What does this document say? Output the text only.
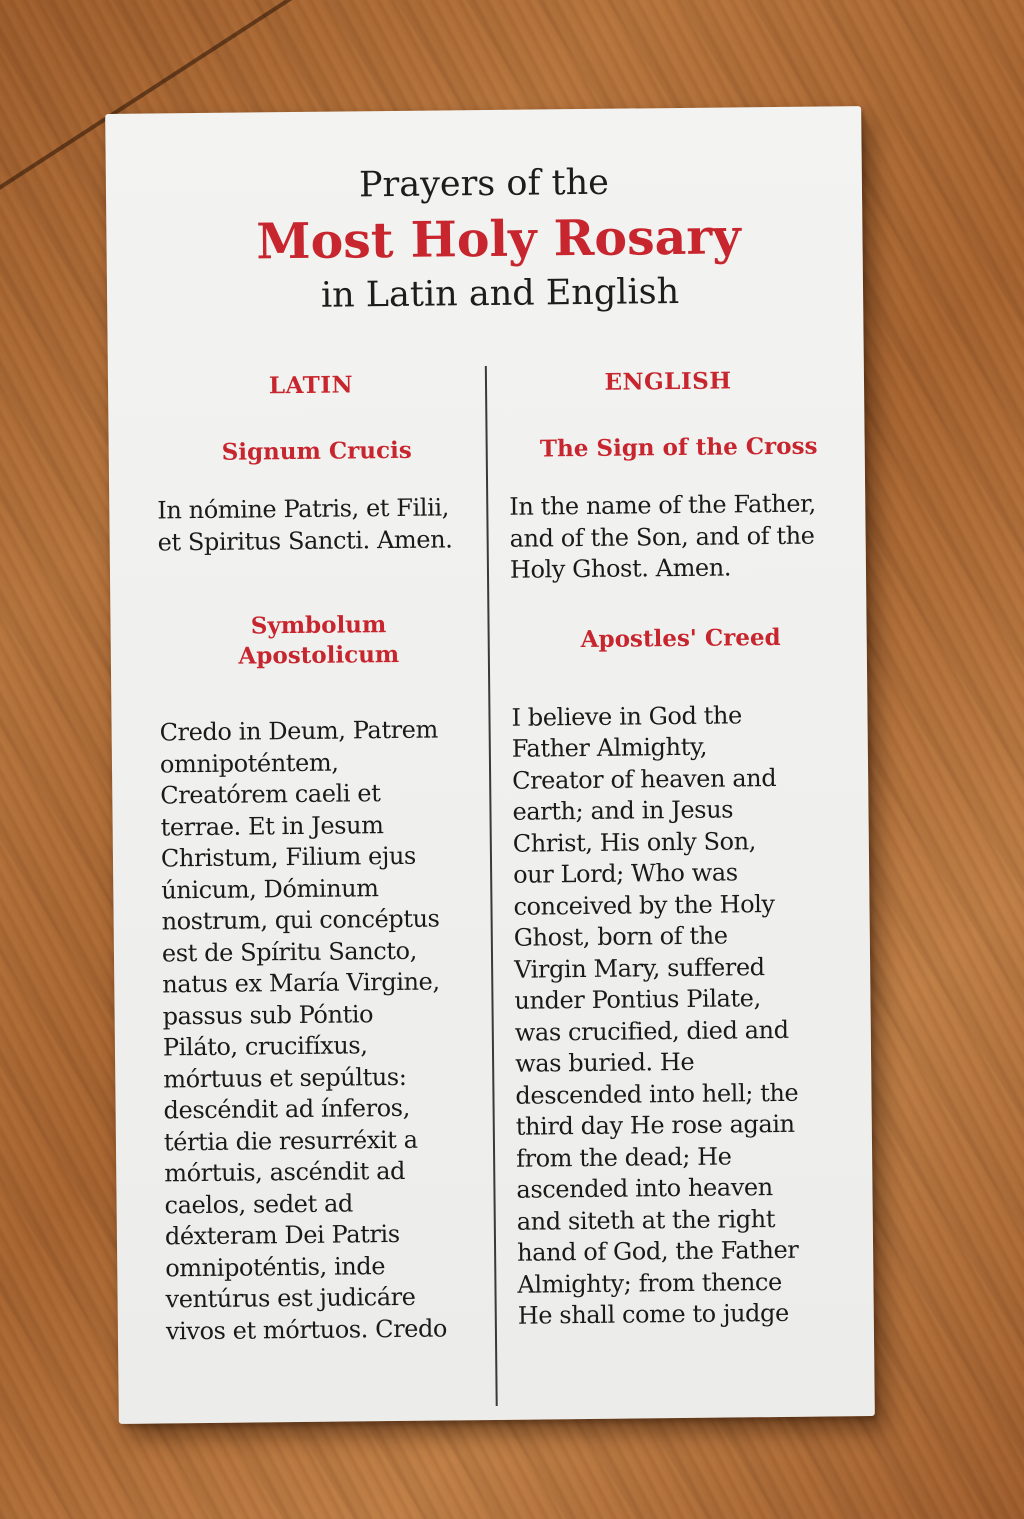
Prayers of the
Most Holy Rosary
in Latin and English
LATIN
Signum Crucis
In nómine Patris, et Filii,
et Spiritus Sancti. Amen.
Symbolum
Apostolicum
Credo in Deum, Patrem
omnipoténtem,
Creatórem caeli et
terrae. Et in Jesum
Christum, Filium ejus
únicum, Dóminum
nostrum, qui concéptus
est de Spíritu Sancto,
natus ex María Virgine,
passus sub Póntio
Piláto, crucifíxus,
mórtuus et sepúltus:
descéndit ad ínferos,
tértia die resurréxit a
mórtuis, ascéndit ad
caelos, sedet ad
déxteram Dei Patris
omnipoténtis, inde
ventúrus est judicáre
vivos et mórtuos. Credo
ENGLISH
The Sign of the Cross
In the name of the Father,
and of the Son, and of the
Holy Ghost. Amen.
Apostles' Creed
I believe in God the
Father Almighty,
Creator of heaven and
earth; and in Jesus
Christ, His only Son,
our Lord; Who was
conceived by the Holy
Ghost, born of the
Virgin Mary, suffered
under Pontius Pilate,
was crucified, died and
was buried. He
descended into hell; the
third day He rose again
from the dead; He
ascended into heaven
and siteth at the right
hand of God, the Father
Almighty; from thence
He shall come to judge
